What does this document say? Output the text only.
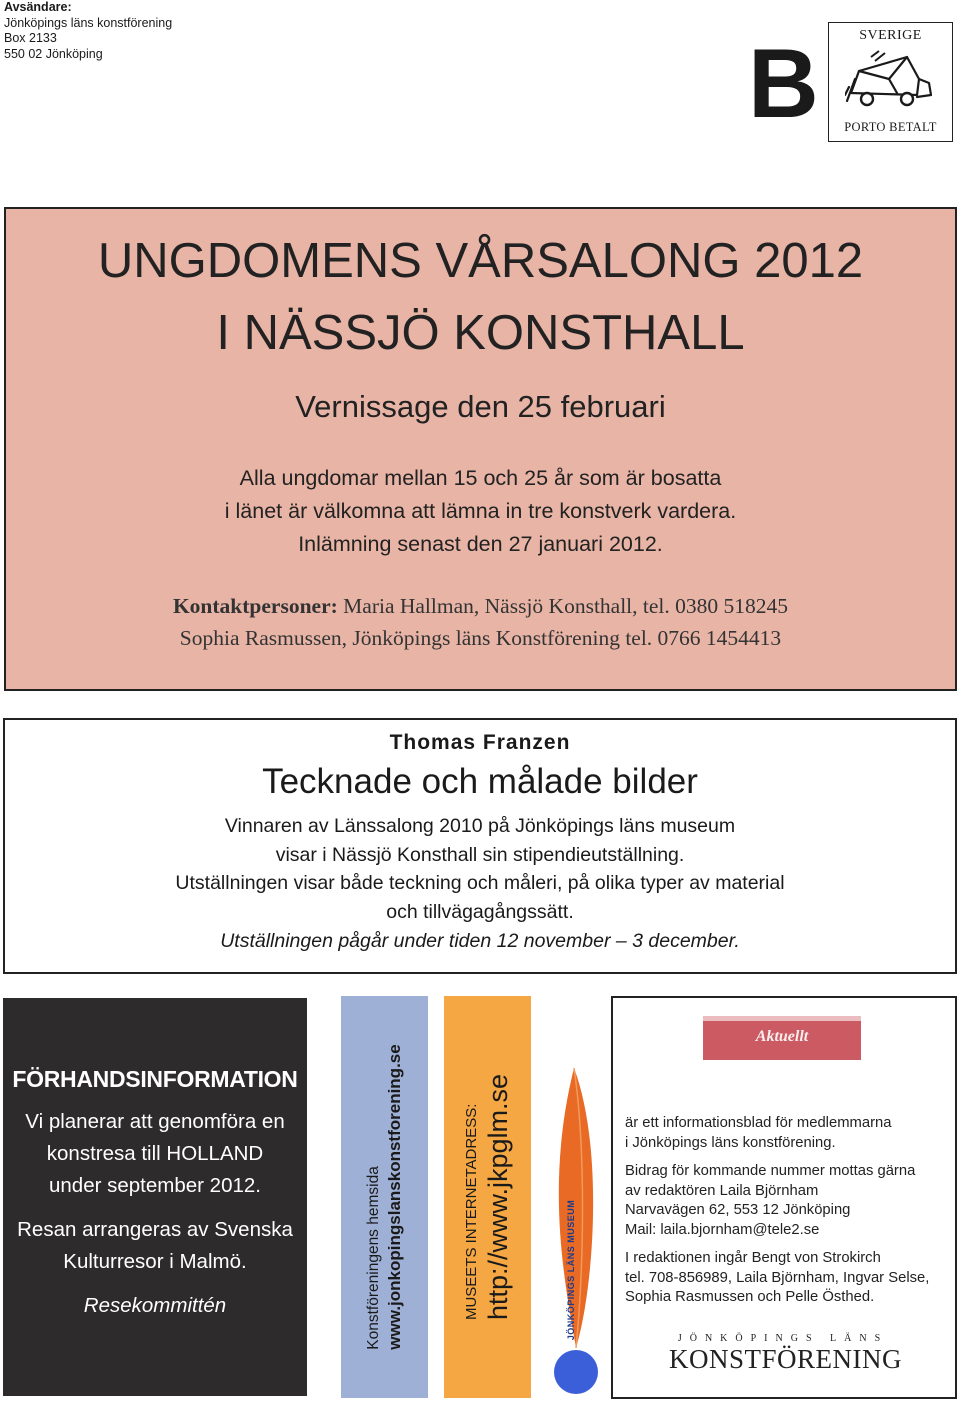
Avsändare:
Jönköpings läns konstförening
Box 2133
550 02 Jönköping	B	SVERIGE
PORTO BETALT
UNGDOMENS VÅRSALONG 2012
I NÄSSJÖ KONSTHALL
Vernissage den 25 februari
Alla ungdomar mellan 15 och 25 år som är bosatta
i länet är välkomna att lämna in tre konstverk vardera.
Inlämning senast den 27 januari 2012.
Kontaktpersoner: Maria Hallman, Nässjö Konsthall, tel. 0380 518245
Sophia Rasmussen, Jönköpings läns Konstförening tel. 0766 1454413
Thomas Franzen
Tecknade och målade bilder
Vinnaren av Länssalong 2010 på Jönköpings läns museum
visar i Nässjö Konsthall sin stipendieutställning.
Utställningen visar både teckning och måleri, på olika typer av material
och tillvägagångssätt.
Utställningen pågår under tiden 12 november – 3 december.
FÖRHANDSINFORMATION
Vi planerar att genomföra en
konstresa till HOLLAND
under september 2012.
Resan arrangeras av Svenska
Kulturresor i Malmö.
Resekommittén	Konstföreningens hemsida www.jonkopingslanskonstforening.se	MUSEETS INTERNETADRESS: http://www.jkpglm.se	JÖNKÖPINGS LÄNS MUSEUM
Aktuellt
är ett informationsblad för medlemmarna
i Jönköpings läns konstförening.
Bidrag för kommande nummer mottas gärna
av redaktören Laila Björnham
Narvavägen 62, 553 12 Jönköping
Mail: laila.bjornham@tele2.se
I redaktionen ingår Bengt von Strokirch
tel. 708-856989, Laila Björnham, Ingvar Selse,
Sophia Rasmussen och Pelle Östhed.
JÖNKÖPINGS LÄNS
KONSTFÖRENING
